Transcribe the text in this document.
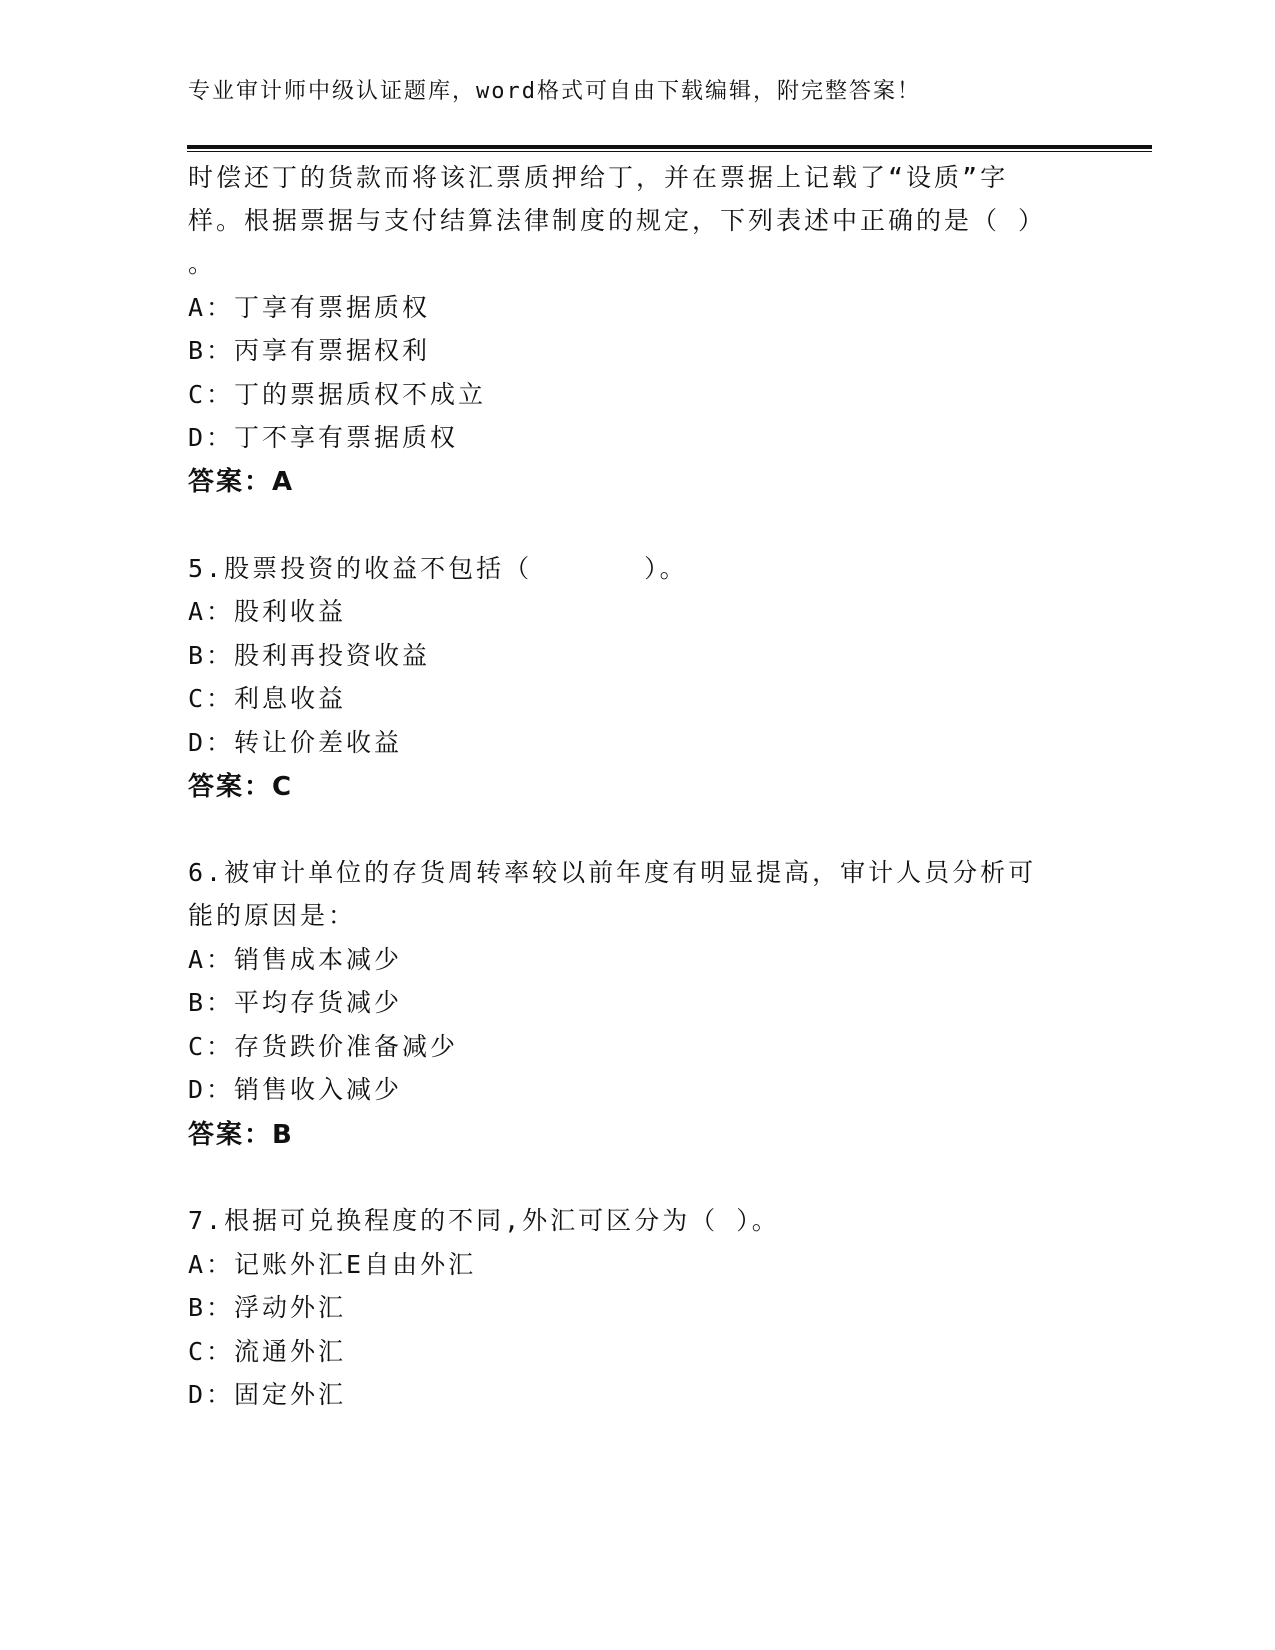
专业审计师中级认证题库，word格式可自由下载编辑，附完整答案！
时偿还丁的货款而将该汇票质押给丁，并在票据上记载了“设质”字
样。根据票据与支付结算法律制度的规定，下列表述中正确的是（ ）
。
A：丁享有票据质权
B：丙享有票据权利
C：丁的票据质权不成立
D：丁不享有票据质权
答案：A
5.股票投资的收益不包括（　　　　）。
A：股利收益
B：股利再投资收益
C：利息收益
D：转让价差收益
答案：C
6.被审计单位的存货周转率较以前年度有明显提高，审计人员分析可
能的原因是：
A：销售成本减少
B：平均存货减少
C：存货跌价准备减少
D：销售收入减少
答案：B
7.根据可兑换程度的不同,外汇可区分为（ ）。
A：记账外汇E自由外汇
B：浮动外汇
C：流通外汇
D：固定外汇
